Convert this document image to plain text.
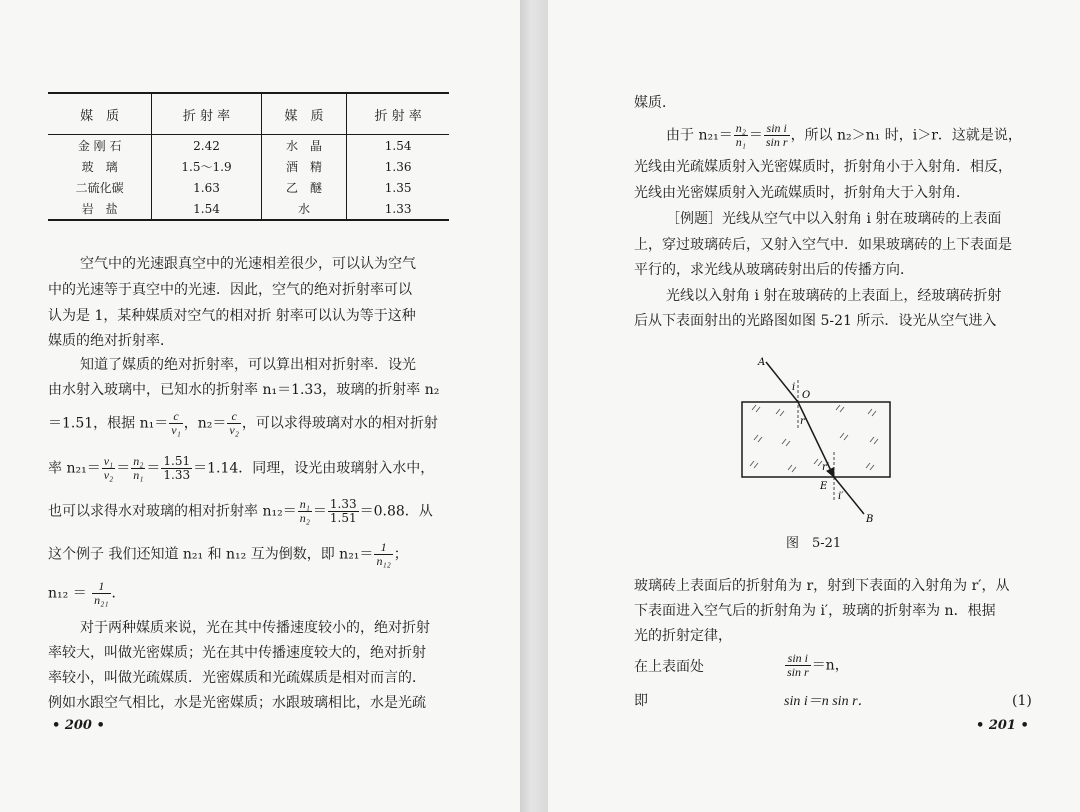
媒　质	折 射 率	媒　质	折 射 率
金 刚 石	2.42	水　晶	1.54
玻　璃	1.5～1.9	酒　精	1.36
二硫化碳	1.63	乙　醚	1.35
岩　盐	1.54	水	1.33

空气中的光速跟真空中的光速相差很少，可以认为空气

中的光速等于真空中的光速．因此，空气的绝对折射率可以

认为是 1，某种媒质对空气的相对折 射率可以认为等于这种

媒质的绝对折射率．

知道了媒质的绝对折射率，可以算出相对折射率．设光

由水射入玻璃中，已知水的折射率 n₁＝1.33，玻璃的折射率 n₂

＝1.51，根据 $n_1= \frac{c}{\text{v₁}}$ ，$n_2= \frac{c}{\text{v₂}}$ ，可以求得玻璃对水的相对折射

率 $n_{21}= \frac{\text{v₁}}{\text{v₂}} = \frac{\text{n₂}}{\text{n₁}} = \frac{1.51}{1.33} =1.14$．同理，设光由玻璃射入水中，

也可以求得水对玻璃的相对折射率 $n_{12}= \frac{\text{n₁}}{\text{n₂}} = \frac{1.33}{1.51} =0.88$．从

这个例子 我们还知道 n₂₁ 和 n₁₂ 互为倒数，即 $n_{21}= \frac{1}{\text{n₁₂}}$ ；

$n_{12} = \frac{1}{\text{n₂₁}}$ ．

对于两种媒质来说，光在其中传播速度较小的，绝对折射

率较大，叫做光密媒质；光在其中传播速度较大的，绝对折射

率较小，叫做光疏媒质．光密媒质和光疏媒质是相对而言的．

例如水跟空气相比，水是光密媒质；水跟玻璃相比，水是光疏

• 200 •

媒质．

由于 $n_{21}= \frac{\text{n₂}}{\text{n₁}} = \frac{\text{sin i}}{\text{sin r}}$ ，所以 n₂＞n₁ 时，i＞r．这就是说，

光线由光疏媒质射入光密媒质时，折射角小于入射角．相反，

光线由光密媒质射入光疏媒质时，折射角大于入射角．

［例题］光线从空气中以入射角 i 射在玻璃砖的上表面

上，穿过玻璃砖后，又射入空气中．如果玻璃砖的上下表面是

平行的，求光线从玻璃砖射出后的传播方向．

光线以入射角 i 射在玻璃砖的上表面上，经玻璃砖折射

后从下表面射出的光路图如图 5-21 所示．设光从空气进入

A
O
E
B
i
r
r′
i′

图　5-21

玻璃砖上表面后的折射角为 r，射到下表面的入射角为 r′，从

下表面进入空气后的折射角为 i′，玻璃的折射率为 n．根据

光的折射定律，

在上表面处	$\frac{\text{sin i}}{\text{sin r}} =n$，

即	sin i＝n sin r．	(1)

• 201 •
